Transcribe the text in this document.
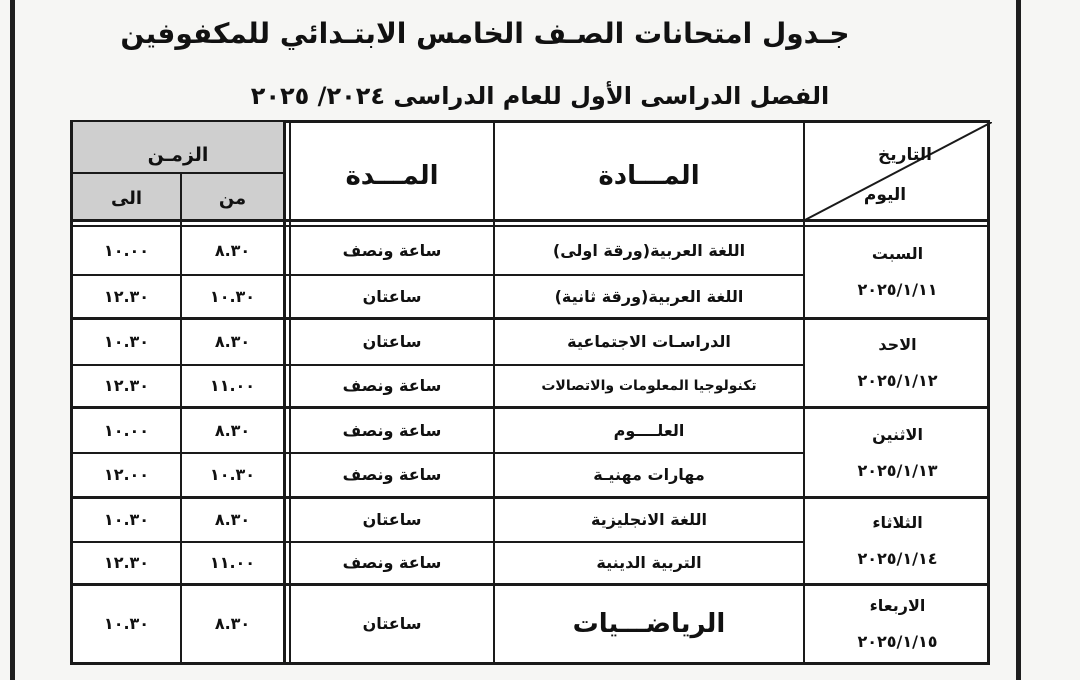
جـدول امتحانات الصـف الخامس الابتـدائي للمكفوفين
الفصل الدراسى الأول للعام الدراسى ٢٠٢٤/ ٢٠٢٥
التاريخ
اليوم
المـــادة
المـــدة
الزمـن
من
الى
السبت
٢٠٢٥/١/١١
اللغة العربية(ورقة اولى)
ساعة ونصف
٨.٣٠
١٠.٠٠
اللغة العربية(ورقة ثانية)
ساعتان
١٠.٣٠
١٢.٣٠
الاحد
٢٠٢٥/١/١٢
الدراسـات الاجتماعية
ساعتان
٨.٣٠
١٠.٣٠
تكنولوجيا المعلومات والاتصالات
ساعة ونصف
١١.٠٠
١٢.٣٠
الاثنين
٢٠٢٥/١/١٣
العلــــوم
ساعة ونصف
٨.٣٠
١٠.٠٠
مهارات مهنيـة
ساعة ونصف
١٠.٣٠
١٢.٠٠
الثلاثاء
٢٠٢٥/١/١٤
اللغة الانجليزية
ساعتان
٨.٣٠
١٠.٣٠
التربية الدينية
ساعة ونصف
١١.٠٠
١٢.٣٠
الاربعاء
٢٠٢٥/١/١٥
الرياضـــيات
ساعتان
٨.٣٠
١٠.٣٠
